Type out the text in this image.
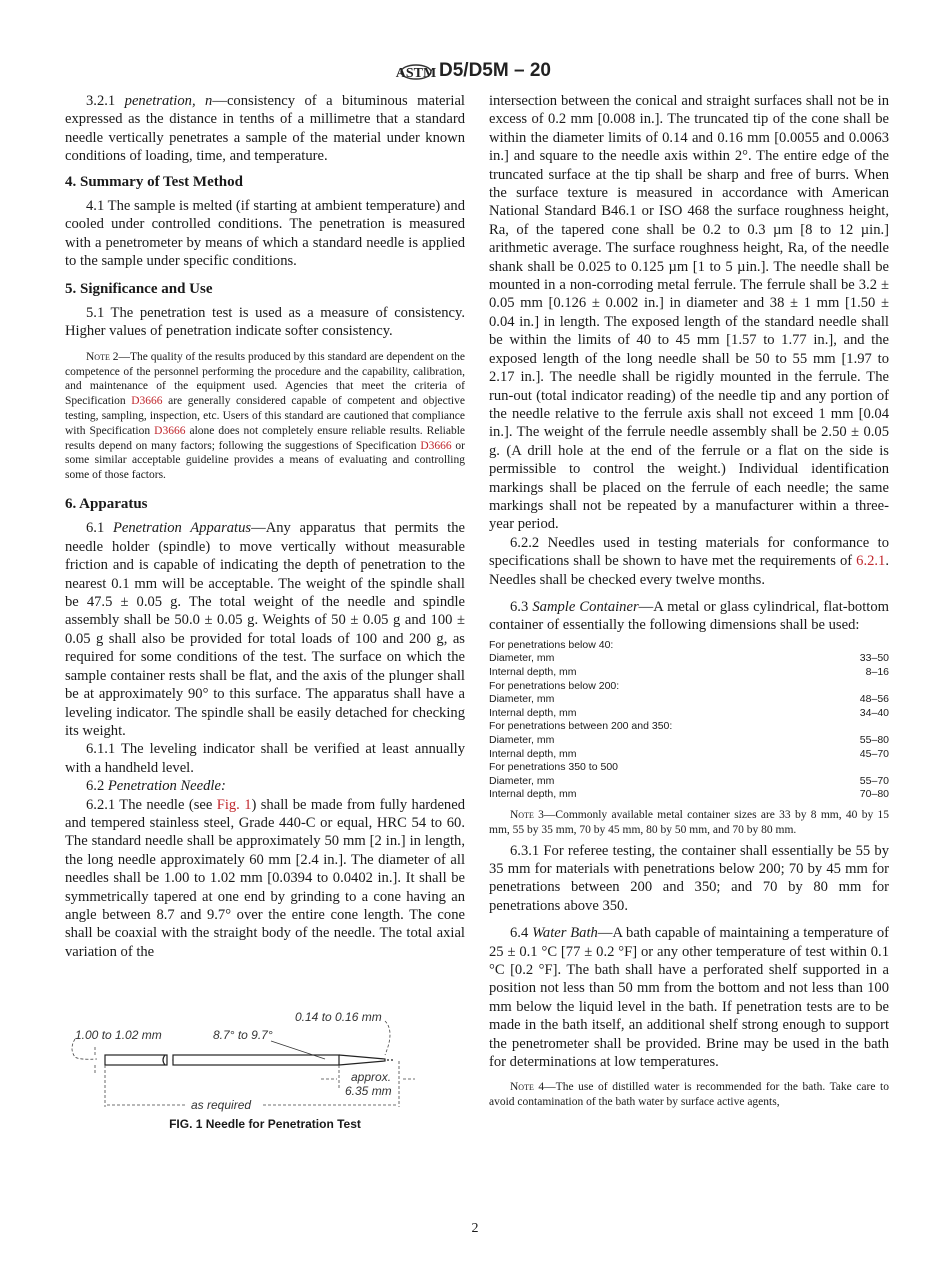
ASTM D5/D5M – 20

3.2.1 penetration, n—consistency of a bituminous material expressed as the distance in tenths of a millimetre that a standard needle vertically penetrates a sample of the material under known conditions of loading, time, and temperature.

4. Summary of Test Method

4.1 The sample is melted (if starting at ambient temperature) and cooled under controlled conditions. The penetration is measured with a penetrometer by means of which a standard needle is applied to the sample under specific conditions.

5. Significance and Use

5.1 The penetration test is used as a measure of consistency. Higher values of penetration indicate softer consistency.

Note 2—The quality of the results produced by this standard are dependent on the competence of the personnel performing the procedure and the capability, calibration, and maintenance of the equipment used. Agencies that meet the criteria of Specification D3666 are generally considered capable of competent and objective testing, sampling, inspection, etc. Users of this standard are cautioned that compliance with Specification D3666 alone does not completely ensure reliable results. Reliable results depend on many factors; following the suggestions of Specification D3666 or some similar acceptable guideline provides a means of evaluating and controlling some of those factors.

6. Apparatus

6.1 Penetration Apparatus—Any apparatus that permits the needle holder (spindle) to move vertically without measurable friction and is capable of indicating the depth of penetration to the nearest 0.1 mm will be acceptable. The weight of the spindle shall be 47.5 ± 0.05 g. The total weight of the needle and spindle assembly shall be 50.0 ± 0.05 g. Weights of 50 ± 0.05 g and 100 ± 0.05 g shall also be provided for total loads of 100 and 200 g, as required for some conditions of the test. The surface on which the sample container rests shall be flat, and the axis of the plunger shall be at approximately 90° to this surface. The apparatus shall have a leveling indicator. The spindle shall be easily detached for checking its weight.

6.1.1 The leveling indicator shall be verified at least annually with a handheld level.

6.2 Penetration Needle:

6.2.1 The needle (see Fig. 1) shall be made from fully hardened and tempered stainless steel, Grade 440-C or equal, HRC 54 to 60. The standard needle shall be approximately 50 mm [2 in.] in length, the long needle approximately 60 mm [2.4 in.]. The diameter of all needles shall be 1.00 to 1.02 mm [0.0394 to 0.0402 in.]. It shall be symmetrically tapered at one end by grinding to a cone having an angle between 8.7 and 9.7° over the entire cone length. The cone shall be coaxial with the straight body of the needle. The total axial variation of the

1.00 to 1.02 mm	8.7° to 9.7°
0.14 to 0.16 mm
approx.
6.35 mm
as required
FIG. 1 Needle for Penetration Test

intersection between the conical and straight surfaces shall not be in excess of 0.2 mm [0.008 in.]. The truncated tip of the cone shall be within the diameter limits of 0.14 and 0.16 mm [0.0055 and 0.0063 in.] and square to the needle axis within 2°. The entire edge of the truncated surface at the tip shall be sharp and free of burrs. When the surface texture is measured in accordance with American National Standard B46.1 or ISO 468 the surface roughness height, Ra, of the tapered cone shall be 0.2 to 0.3 µm [8 to 12 µin.] arithmetic average. The surface roughness height, Ra, of the needle shank shall be 0.025 to 0.125 µm [1 to 5 µin.]. The needle shall be mounted in a non-corroding metal ferrule. The ferrule shall be 3.2 ± 0.05 mm [0.126 ± 0.002 in.] in diameter and 38 ± 1 mm [1.50 ± 0.04 in.] in length. The exposed length of the standard needle shall be within the limits of 40 to 45 mm [1.57 to 1.77 in.], and the exposed length of the long needle shall be 50 to 55 mm [1.97 to 2.17 in.]. The needle shall be rigidly mounted in the ferrule. The run-out (total indicator reading) of the needle tip and any portion of the needle relative to the ferrule axis shall not exceed 1 mm [0.04 in.]. The weight of the ferrule needle assembly shall be 2.50 ± 0.05 g. (A drill hole at the end of the ferrule or a flat on the side is permissible to control the weight.) Individual identification markings shall be placed on the ferrule of each needle; the same markings shall not be repeated by a manufacturer within a three-year period.

6.2.2 Needles used in testing materials for conformance to specifications shall be shown to have met the requirements of 6.2.1. Needles shall be checked every twelve months.

6.3 Sample Container—A metal or glass cylindrical, flat-bottom container of essentially the following dimensions shall be used:

For penetrations below 40:	
Diameter, mm	33–50
Internal depth, mm	8–16
For penetrations below 200:	
Diameter, mm	48–56
Internal depth, mm	34–40
For penetrations between 200 and 350:	
Diameter, mm	55–80
Internal depth, mm	45–70
For penetrations 350 to 500	
Diameter, mm	55–70
Internal depth, mm	70–80

Note 3—Commonly available metal container sizes are 33 by 8 mm, 40 by 15 mm, 55 by 35 mm, 70 by 45 mm, 80 by 50 mm, and 70 by 80 mm.

6.3.1 For referee testing, the container shall essentially be 55 by 35 mm for materials with penetrations below 200; 70 by 45 mm for penetrations between 200 and 350; and 70 by 80 mm for penetrations above 350.

6.4 Water Bath—A bath capable of maintaining a temperature of 25 ± 0.1 °C [77 ± 0.2 °F] or any other temperature of test within 0.1 °C [0.2 °F]. The bath shall have a perforated shelf supported in a position not less than 50 mm from the bottom and not less than 100 mm below the liquid level in the bath. If penetration tests are to be made in the bath itself, an additional shelf strong enough to support the penetrometer shall be provided. Brine may be used in the bath for determinations at low temperatures.

Note 4—The use of distilled water is recommended for the bath. Take care to avoid contamination of the bath water by surface active agents,

2
